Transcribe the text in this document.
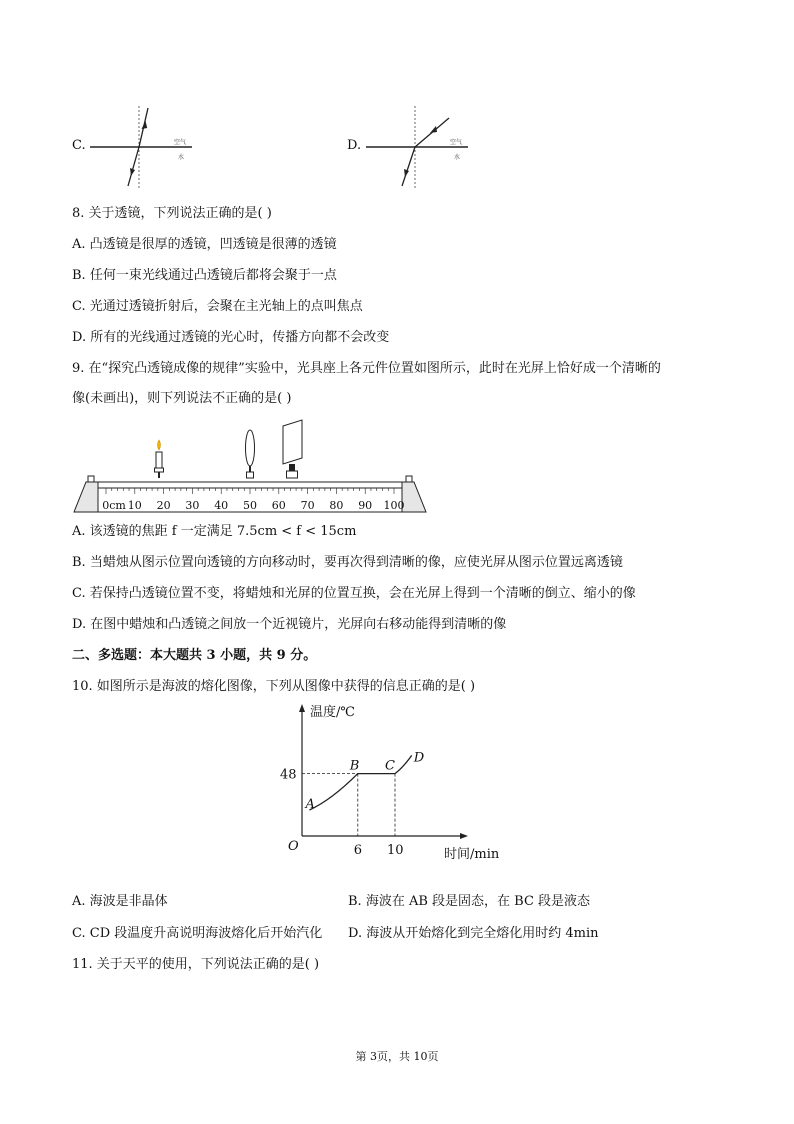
C.	空气
水
D.	空气
水
8. 关于透镜，下列说法正确的是( )
A. 凸透镜是很厚的透镜，凹透镜是很薄的透镜
B. 任何一束光线通过凸透镜后都将会聚于一点
C. 光通过透镜折射后，会聚在主光轴上的点叫焦点
D. 所有的光线通过透镜的光心时，传播方向都不会改变
9. 在“探究凸透镜成像的规律”实验中，光具座上各元件位置如图所示，此时在光屏上恰好成一个清晰的
像(未画出)，则下列说法不正确的是( )
0cm 10 20 30 40 50 60 70 80 90 100
A. 该透镜的焦距 f 一定满足 7.5cm < f < 15cm
B. 当蜡烛从图示位置向透镜的方向移动时，要再次得到清晰的像，应使光屏从图示位置远离透镜
C. 若保持凸透镜位置不变，将蜡烛和光屏的位置互换，会在光屏上得到一个清晰的倒立、缩小的像
D. 在图中蜡烛和凸透镜之间放一个近视镜片，光屏向右移动能得到清晰的像
二、多选题：本大题共 3 小题，共 9 分。
10. 如图所示是海波的熔化图像，下列从图像中获得的信息正确的是( )
温度/℃
时间/min
O
48
6 10
A
B C
D
A. 海波是非晶体	B. 海波在 AB 段是固态，在 BC 段是液态
C. CD 段温度升高说明海波熔化后开始汽化 D. 海波从开始熔化到完全熔化用时约 4min
11. 关于天平的使用，下列说法正确的是( )
第 3页，共 10页
